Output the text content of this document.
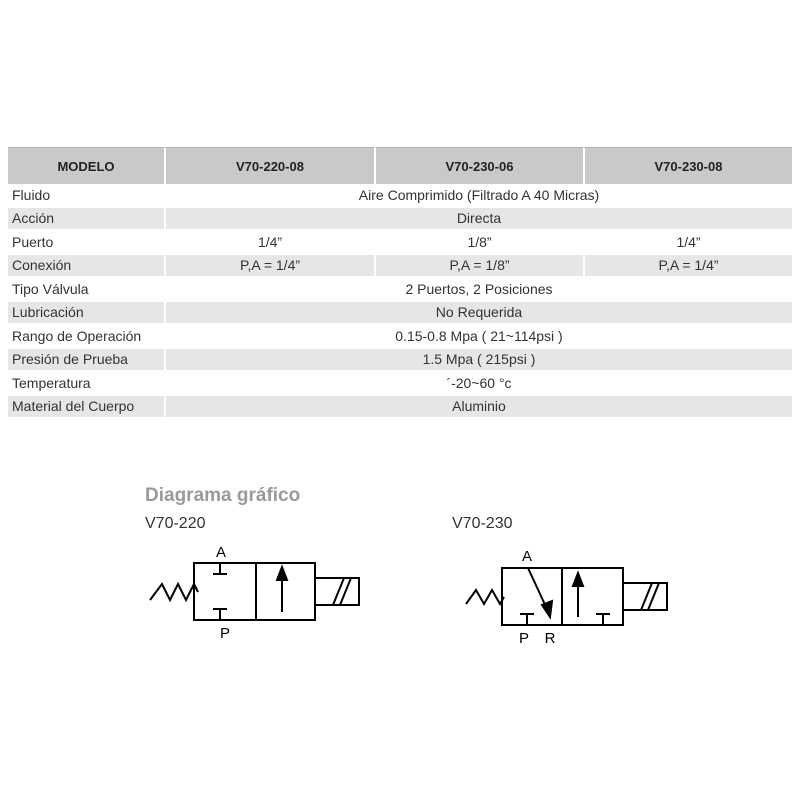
MODELO	V70-220-08	V70-230-06	V70-230-08
Fluido	Aire Comprimido (Filtrado A 40 Micras)		
Acción	Directa		
Puerto	1/4”	1/8”	1/4”
Conexión	P,A = 1/4”	P,A = 1/8”	P,A = 1/4”
Tipo Válvula	2 Puertos, 2 Posiciones		
Lubricación	No Requerida		
Rango de Operación	0.15-0.8 Mpa ( 21~114psi )		
Presión de Prueba	1.5 Mpa ( 215psi )		
Temperatura	´-20~60 °c		
Material del Cuerpo	Aluminio		
Diagrama gráfico
V70-220	V70-230
A
P
A
P R
